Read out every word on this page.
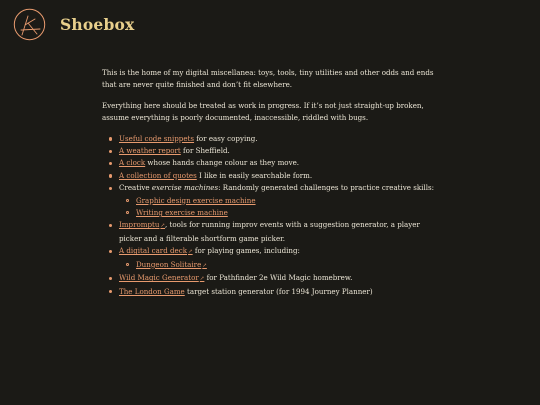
Shoebox

This is the home of my digital miscellanea: toys, tools, tiny utilities and other odds and ends that are never quite finished and don’t fit elsewhere.

Everything here should be treated as work in progress. If it’s not just straight-up broken, assume everything is poorly documented, inaccessible, riddled with bugs.

Useful code snippets for easy copying.
A weather report for Sheffield.
A clock whose hands change colour as they move.
A collection of quotes I like in easily searchable form.
Creative exercise machines: Randomly generated challenges to practice creative skills:
Graphic design exercise machine
Writing exercise machine
Impromptu↗, tools for running improv events with a suggestion generator, a player picker and a filterable shortform game picker.
A digital card deck↗ for playing games, including:
Dungeon Solitaire↗
Wild Magic Generator↗ for Pathfinder 2e Wild Magic homebrew.
The London Game target station generator (for 1994 Journey Planner)
